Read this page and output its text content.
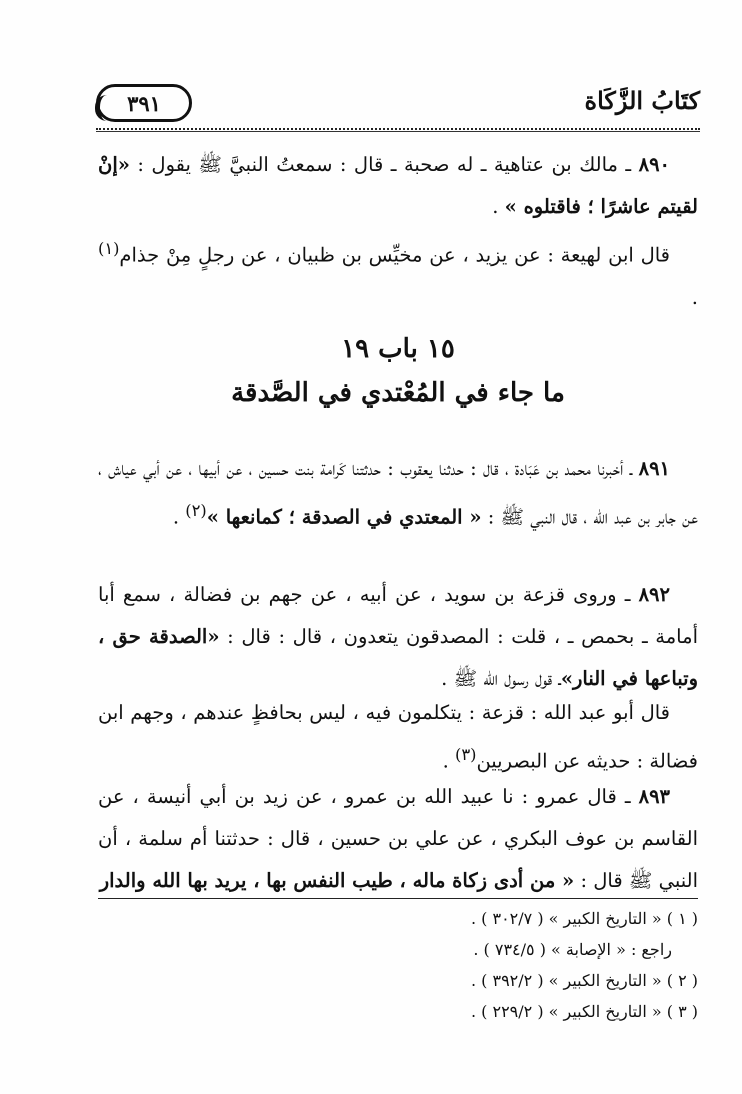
كتَابُ الزَّكَاة
٣٩١

٨٩٠ ـ مالك بن عتاهية ـ له صحبة ـ قال : سمعتُ النبيَّ ﷺ يقول : «إنْ لقيتم عاشرًا ؛ فاقتلوه » .

قال ابن لهيعة : عن يزيد ، عن مخيِّس بن ظبيان ، عن رجلٍ مِنْ جذام$^{(١)}$ .

١٥ باب ١٩
ما جاء في المُعْتدي في الصَّدقة

٨٩١ ـ أخبرنا محمد بن عَبَادة ، قال : حدثنا يعقوب : حدثتنا كَرامة بنت حسين ، عن أبيها ، عن أبي عياش ، عن جابر بن عبد الله ، قال النبي ﷺ : « المعتدي في الصدقة ؛ كمانعها »$^{(٢)}$ .

٨٩٢ ـ وروى قزعة بن سويد ، عن أبيه ، عن جهم بن فضالة ، سمع أبا أمامة ـ بحمص ـ ، قلت : المصدقون يتعدون ، قال : قال : «الصدقة حق ، وتباعها في النار»ـ قول رسول الله ﷺ .

قال أبو عبد الله : قزعة : يتكلمون فيه ، ليس بحافظٍ عندهم ، وجهم ابن فضالة : حديثه عن البصريين$^{(٣)}$ .

٨٩٣ ـ قال عمرو : نا عبيد الله بن عمرو ، عن زيد بن أبي أنيسة ، عن القاسم بن عوف البكري ، عن علي بن حسين ، قال : حدثتنا أم سلمة ، أن النبي ﷺ قال : « من أدى زكاة ماله ، طيب النفس بها ، يريد بها الله والدار

( ١ ) « التاريخ الكبير » ( ٣٠٢/٧ ) .
راجع : « الإصابة » ( ٧٣٤/٥ ) .
( ٢ ) « التاريخ الكبير » ( ٣٩٢/٢ ) .
( ٣ ) « التاريخ الكبير » ( ٢٢٩/٢ ) .
